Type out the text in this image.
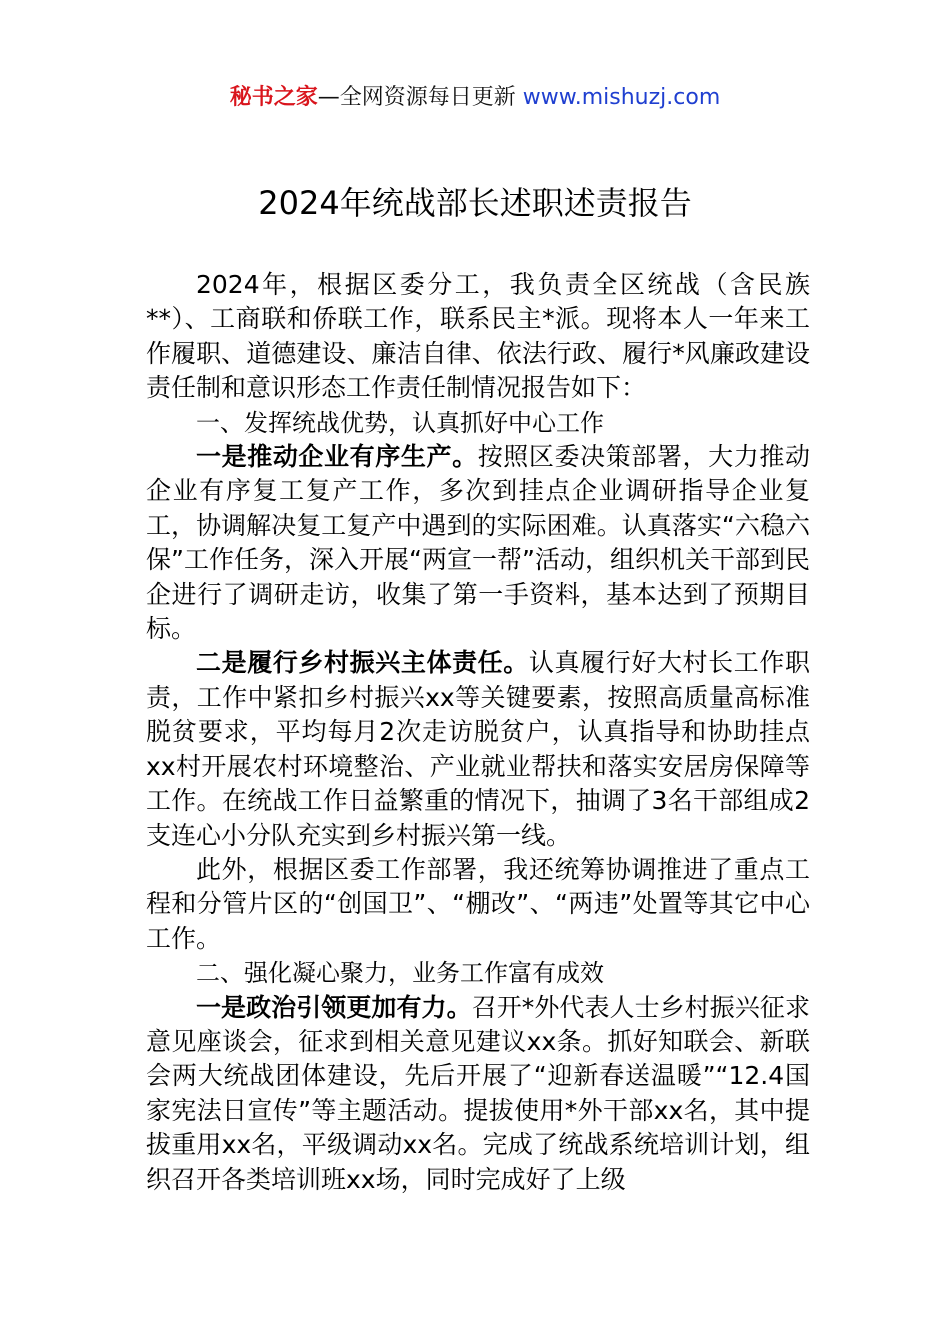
秘书之家—全网资源每日更新 www.mishuzj.com
2024年统战部长述职述责报告

2024年，根据区委分工，我负责全区统战（含民族**）、工商联和侨联工作，联系民主*派。现将本人一年来工作履职、道德建设、廉洁自律、依法行政、履行*风廉政建设责任制和意识形态工作责任制情况报告如下：

一、发挥统战优势，认真抓好中心工作

一是推动企业有序生产。按照区委决策部署，大力推动企业有序复工复产工作，多次到挂点企业调研指导企业复工，协调解决复工复产中遇到的实际困难。认真落实“六稳六保”工作任务，深入开展“两宣一帮”活动，组织机关干部到民企进行了调研走访，收集了第一手资料，基本达到了预期目标。

二是履行乡村振兴主体责任。认真履行好大村长工作职责，工作中紧扣乡村振兴xx等关键要素，按照高质量高标准脱贫要求，平均每月2次走访脱贫户，认真指导和协助挂点xx村开展农村环境整治、产业就业帮扶和落实安居房保障等工作。在统战工作日益繁重的情况下，抽调了3名干部组成2支连心小分队充实到乡村振兴第一线。

此外，根据区委工作部署，我还统筹协调推进了重点工程和分管片区的“创国卫”、“棚改”、“两违”处置等其它中心工作。

二、强化凝心聚力，业务工作富有成效

一是政治引领更加有力。召开*外代表人士乡村振兴征求意见座谈会，征求到相关意见建议xx条。抓好知联会、新联会两大统战团体建设，先后开展了“迎新春送温暖”“12.4国家宪法日宣传”等主题活动。提拔使用*外干部xx名，其中提拔重用xx名，平级调动xx名。完成了统战系统培训计划，组织召开各类培训班xx场，同时完成好了上级
